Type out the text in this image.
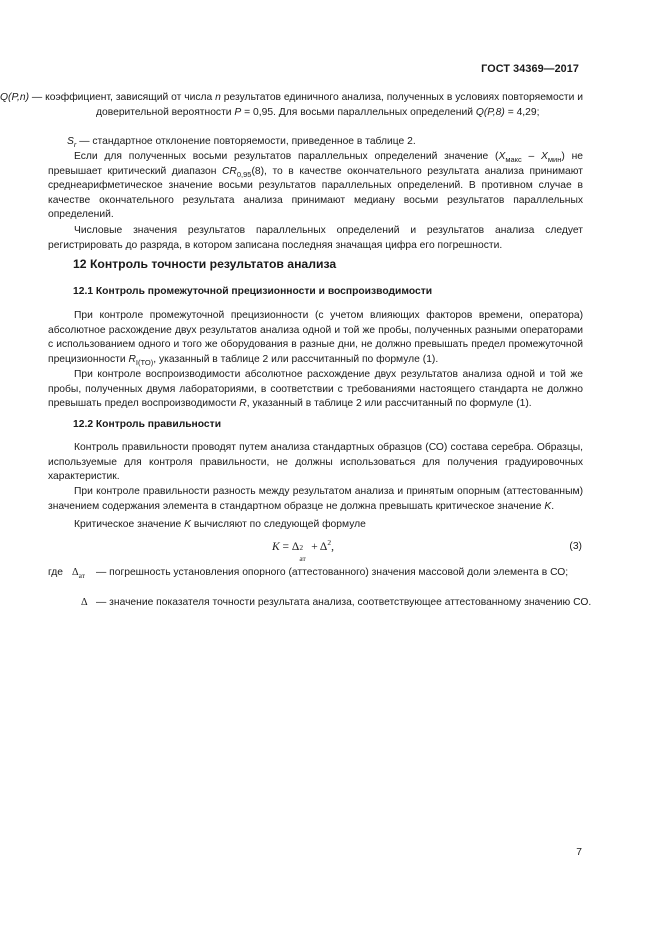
ГОСТ 34369—2017
Q(P,n) — коэффициент, зависящий от числа n результатов единичного анализа, полученных в условиях повторяемости и доверительной вероятности P = 0,95. Для восьми параллельных определений Q(P,8) = 4,29;
$S_r$ — стандартное отклонение повторяемости, приведенное в таблице 2.
Если для полученных восьми результатов параллельных определений значение $(X_{макс} - X_{мин})$ не превышает критический диапазон $CR_{0,95}(8)$, то в качестве окончательного результата анализа принимают среднеарифметическое значение восьми результатов параллельных определений. В противном случае в качестве окончательного результата анализа принимают медиану восьми результатов параллельных определений.
Числовые значения результатов параллельных определений и результатов анализа следует регистрировать до разряда, в котором записана последняя значащая цифра его погрешности.
12 Контроль точности результатов анализа
12.1 Контроль промежуточной прецизионности и воспроизводимости
При контроле промежуточной прецизионности (с учетом влияющих факторов времени, оператора) абсолютное расхождение двух результатов анализа одной и той же пробы, полученных разными операторами с использованием одного и того же оборудования в разные дни, не должно превышать предел промежуточной прецизионности $R_{I(TO)}$, указанный в таблице 2 или рассчитанный по формуле (1).
При контроле воспроизводимости абсолютное расхождение двух результатов анализа одной и той же пробы, полученных двумя лабораториями, в соответствии с требованиями настоящего стандарта не должно превышать предел воспроизводимости R, указанный в таблице 2 или рассчитанный по формуле (1).
12.2 Контроль правильности
Контроль правильности проводят путем анализа стандартных образцов (СО) состава серебра. Образцы, используемые для контроля правильности, не должны использоваться для получения градуировочных характеристик.
При контроле правильности разность между результатом анализа и принятым опорным (аттестованным) значением содержания элемента в стандартном образце не должна превышать критическое значение K.
Критическое значение K вычисляют по следующей формуле
K = Δ 2
ат
+ $\Delta^2$,	(3)
где $\Delta_{ат}$ — погрешность установления опорного (аттестованного) значения массовой доли элемента в СО;
Δ — значение показателя точности результата анализа, соответствующее аттестованному значению СО.
7
